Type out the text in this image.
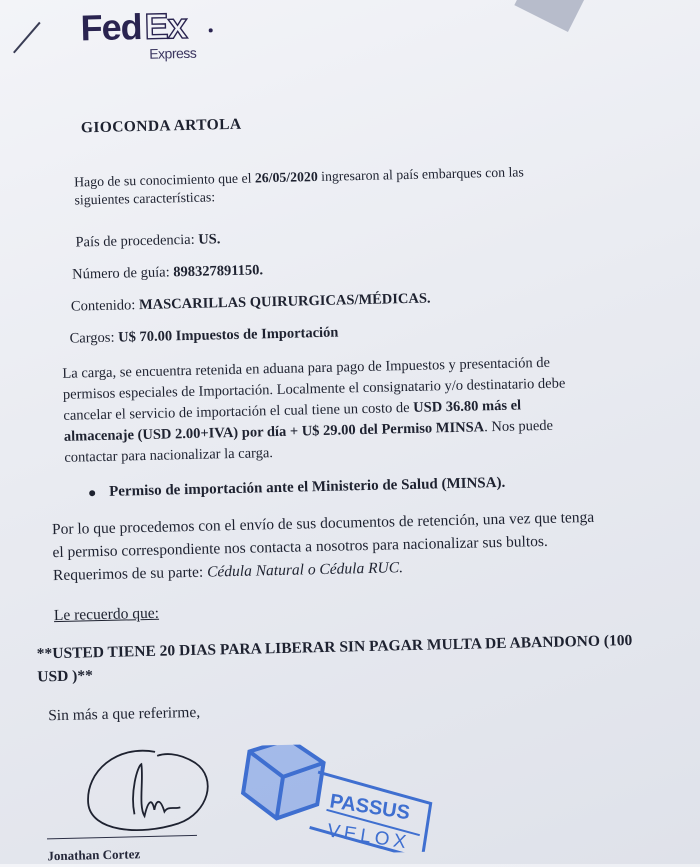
Fed Ex
Express
GIOCONDA ARTOLA
Hago de su conocimiento que el 26/05/2020 ingresaron al país embarques con las
siguientes características:
País de procedencia: US.
Número de guía: 898327891150.
Contenido: MASCARILLAS QUIRURGICAS/MÉDICAS.
Cargos: U$ 70.00 Impuestos de Importación
La carga, se encuentra retenida en aduana para pago de Impuestos y presentación de
permisos especiales de Importación. Localmente el consignatario y/o destinatario debe
cancelar el servicio de importación el cual tiene un costo de USD 36.80 más el
almacenaje (USD 2.00+IVA) por día + U$ 29.00 del Permiso MINSA. Nos puede
contactar para nacionalizar la carga.
Permiso de importación ante el Ministerio de Salud (MINSA).
Por lo que procedemos con el envío de sus documentos de retención, una vez que tenga
el permiso correspondiente nos contacta a nosotros para nacionalizar sus bultos.
Requerimos de su parte: Cédula Natural o Cédula RUC.
Le recuerdo que:
**USTED TIENE 20 DIAS PARA LIBERAR SIN PAGAR MULTA DE ABANDONO (100
USD )**
Sin más a que referirme,
Jonathan Cortez
PASSUS
VELOX
